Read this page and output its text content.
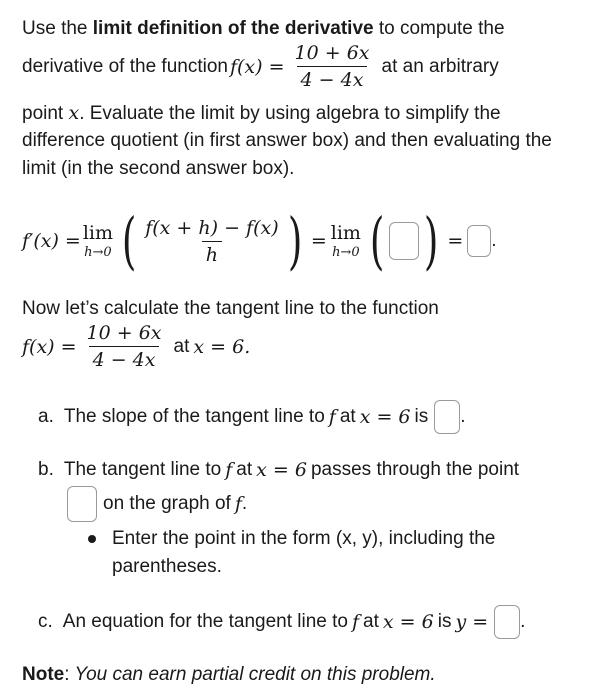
Use the limit definition of the derivative to compute the
derivative of the function $f(x) = \frac{10 + 6x}{4 - 4x}$ at an arbitrary
point x. Evaluate the limit by using algebra to simplify the
difference quotient (in first answer box) and then evaluating the
limit (in the second answer box).
f′(x) = lim
h→0 ( $\frac{f(x + h) - f(x)}{h}$ ) = lim
h→0 ( ) = .
Now let’s calculate the tangent line to the function
$f(x) = \frac{10 + 6x}{4 - 4x}$ at x = 6.
a. The slope of the tangent line to f at x = 6 is .
b. The tangent line to f at x = 6 passes through the point
on the graph of f .
Enter the point in the form (x, y), including the
parentheses.
c. An equation for the tangent line to f at x = 6 is y = .
Note: You can earn partial credit on this problem.
